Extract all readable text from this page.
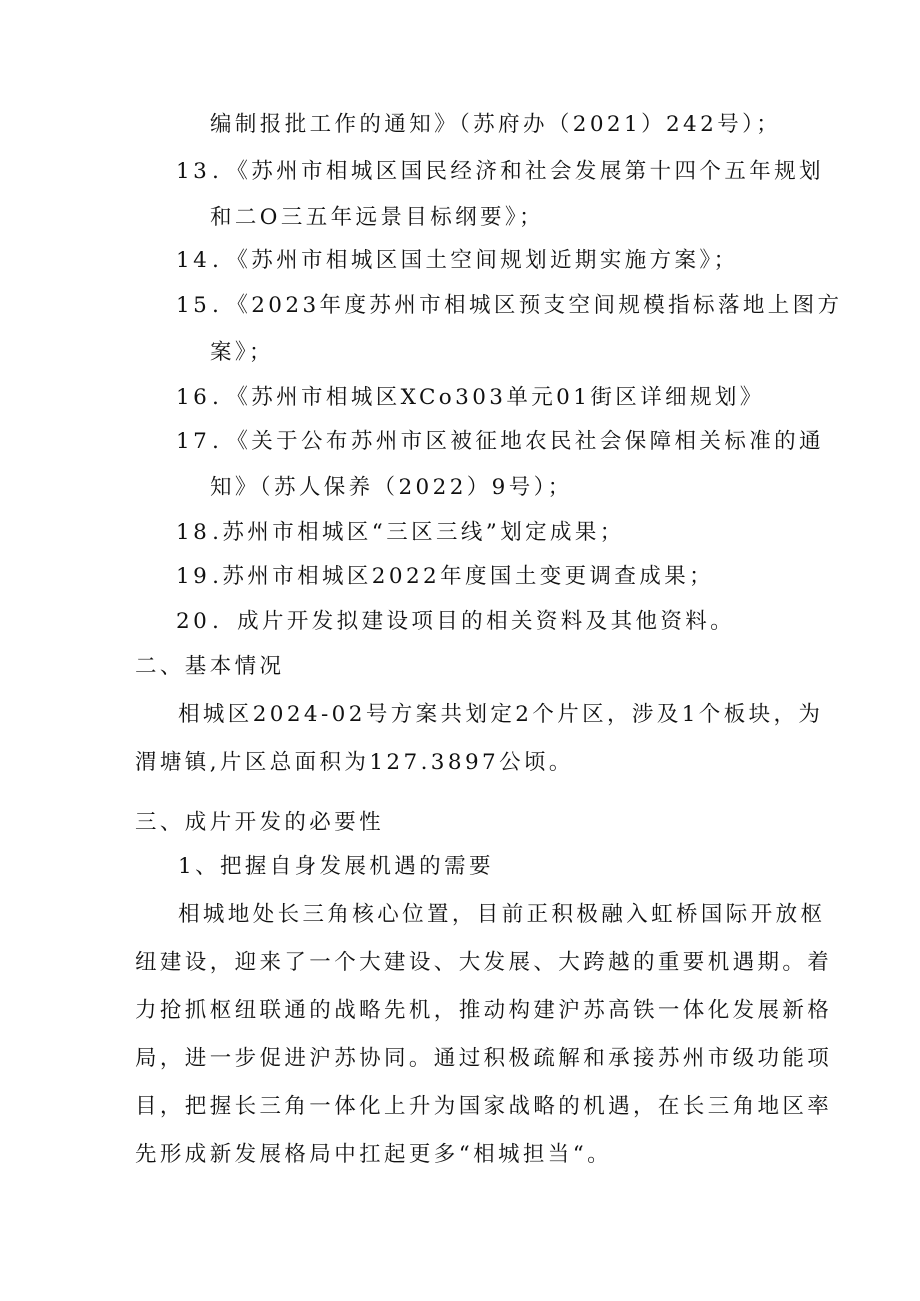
编制报批工作的通知》（苏府办（2021）242号）；
13．《苏州市相城区国民经济和社会发展第十四个五年规划
和二O三五年远景目标纲要》；
14．《苏州市相城区国土空间规划近期实施方案》；
15．《2023年度苏州市相城区预支空间规模指标落地上图方
案》；
16．《苏州市相城区XCo303单元01街区详细规划》
17．《关于公布苏州市区被征地农民社会保障相关标准的通
知》（苏人保养（2022）9号）；
18.苏州市相城区“三区三线”划定成果；
19.苏州市相城区2022年度国土变更调查成果；
20．成片开发拟建设项目的相关资料及其他资料。
二、基本情况
相城区2024-02号方案共划定2个片区，涉及1个板块，为
渭塘镇,片区总面积为127.3897公顷。
三、成片开发的必要性
1、把握自身发展机遇的需要
相城地处长三角核心位置，目前正积极融入虹桥国际开放枢
纽建设，迎来了一个大建设、大发展、大跨越的重要机遇期。着
力抢抓枢纽联通的战略先机，推动构建沪苏高铁一体化发展新格
局，进一步促进沪苏协同。通过积极疏解和承接苏州市级功能项
目，把握长三角一体化上升为国家战略的机遇，在长三角地区率
先形成新发展格局中扛起更多“相城担当“。
